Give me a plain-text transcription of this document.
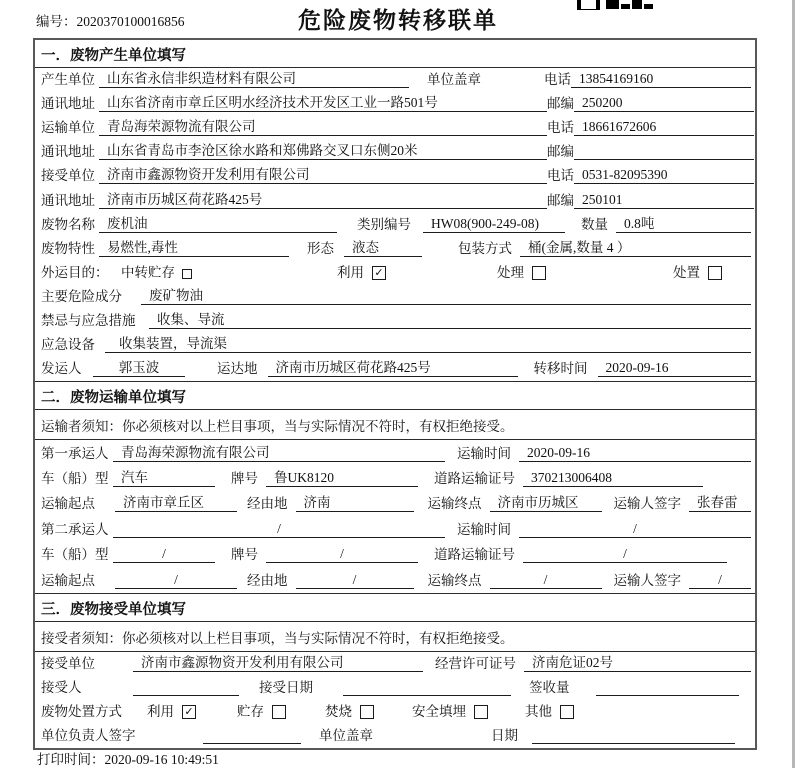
编号：2020370100016856	危险废物转移联单
一．废物产生单位填写
产生单位 山东省永信非织造材料有限公司	单位盖章	电话 13854169160
通讯地址 山东省济南市章丘区明水经济技术开发区工业一路501号	邮编 250200
运输单位 青岛海荣源物流有限公司	电话 18661672606
通讯地址 山东省青岛市李沧区徐水路和郑佛路交叉口东侧20米	邮编
接受单位 济南市鑫源物资开发利用有限公司	电话 0531-82095390
通讯地址 济南市历城区荷花路425号	邮编 250101
废物名称 废机油	类别编号	HW08(900-249-08)	数量	0.8吨
废物特性 易燃性,毒性	形态	液态	包装方式	桶(金属,数量 4 ）
外运目的： 中转贮存	利用 ✓	处理	处置
主要危险成分	废矿物油
禁忌与应急措施	收集、导流
应急设备	收集装置，导流渠
发运人	郭玉波	运达地	济南市历城区荷花路425号	转移时间	2020-09-16
二．废物运输单位填写
运输者须知：你必须核对以上栏目事项，当与实际情况不符时，有权拒绝接受。
第一承运人 青岛海荣源物流有限公司	运输时间	2020-09-16
车（船）型 汽车	牌号	鲁UK8120	道路运输证号	370213006408
运输起点	济南市章丘区	经由地	济南	运输终点	济南市历城区	运输人签字	张春雷
第二承运人	/	运输时间	/
车（船）型	/	牌号	/	道路运输证号	/
运输起点	/	经由地	/	运输终点	/	运输人签字	/
三．废物接受单位填写
接受者须知：你必须核对以上栏目事项，当与实际情况不符时，有权拒绝接受。
接受单位	济南市鑫源物资开发利用有限公司	经营许可证号	济南危证02号
接受人	接受日期	签收量
废物处置方式 利用 ✓	贮存	焚烧	安全填埋	其他
单位负责人签字	单位盖章	日期
打印时间：2020-09-16 10:49:51
